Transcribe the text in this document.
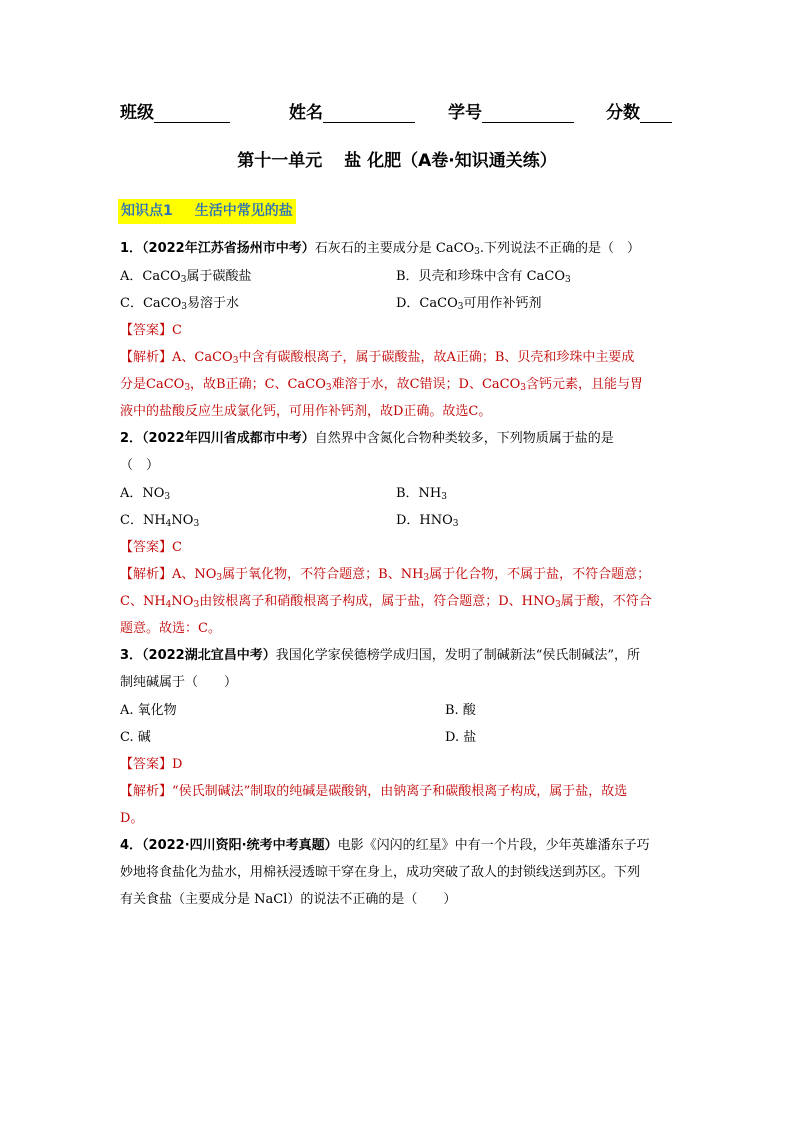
班级	姓名	学号	分数
第十一单元 盐 化肥（A卷·知识通关练）
知识点1 生活中常见的盐
1．（2022年江苏省扬州市中考）石灰石的主要成分是 CaCO$_3$.下列说法不正确的是（　）
A．CaCO$_3$属于碳酸盐	B．贝壳和珍珠中含有 CaCO$_3$
C．CaCO$_3$易溶于水	D．CaCO$_3$可用作补钙剂
【答案】C
【解析】A、CaCO$_3$中含有碳酸根离子，属于碳酸盐，故A正确；B、贝壳和珍珠中主要成
分是CaCO$_3$，故B正确；C、CaCO$_3$难溶于水，故C错误；D、CaCO$_3$含钙元素，且能与胃
液中的盐酸反应生成氯化钙，可用作补钙剂，故D正确。故选C。
2．（2022年四川省成都市中考）自然界中含氮化合物种类较多，下列物质属于盐的是
（　）
A．$NO_3$	B．$NH_3$
C．$NH_4NO_3$	D．$HNO_3$
【答案】C
【解析】A、$NO_3$属于氧化物，不符合题意；B、$NH_3$属于化合物，不属于盐，不符合题意；
C、$NH_4NO_3$由铵根离子和硝酸根离子构成，属于盐，符合题意；D、$HNO_3$属于酸，不符合
题意。故选：C。
3．（2022湖北宜昌中考）我国化学家侯德榜学成归国，发明了制碱新法“侯氏制碱法”，所
制纯碱属于（　　）
A. 氧化物	B. 酸
C. 碱	D. 盐
【答案】D
【解析】“侯氏制碱法”制取的纯碱是碳酸钠，由钠离子和碳酸根离子构成，属于盐，故选
D。
4．（2022·四川资阳·统考中考真题）电影《闪闪的红星》中有一个片段，少年英雄潘东子巧
妙地将食盐化为盐水，用棉袄浸透晾干穿在身上，成功突破了敌人的封锁线送到苏区。下列
有关食盐（主要成分是 NaCl）的说法不正确的是（　　）
